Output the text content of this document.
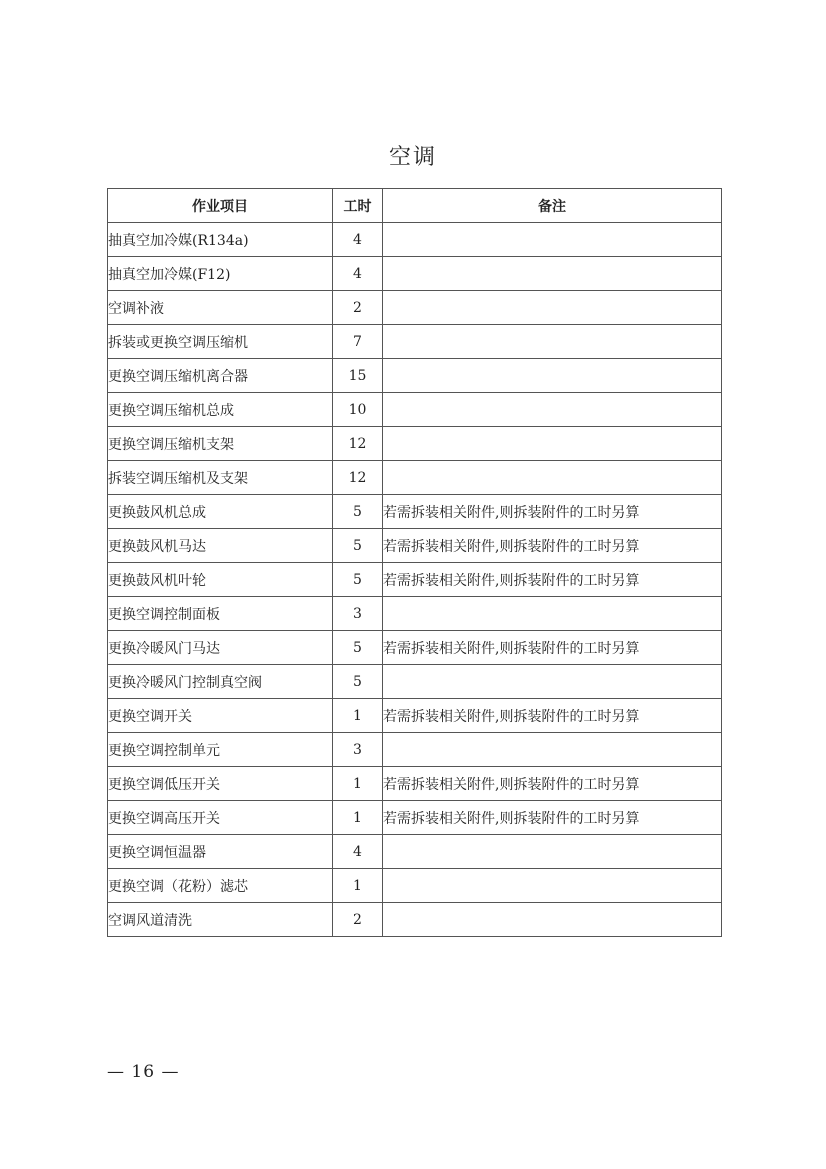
空调
作业项目	工时	备注
抽真空加冷媒(R134a)	4	
抽真空加冷媒(F12)	4	
空调补液	2	
拆装或更换空调压缩机	7	
更换空调压缩机离合器	15	
更换空调压缩机总成	10	
更换空调压缩机支架	12	
拆装空调压缩机及支架	12	
更换鼓风机总成	5	若需拆装相关附件,则拆装附件的工时另算
更换鼓风机马达	5	若需拆装相关附件,则拆装附件的工时另算
更换鼓风机叶轮	5	若需拆装相关附件,则拆装附件的工时另算
更换空调控制面板	3	
更换冷暖风门马达	5	若需拆装相关附件,则拆装附件的工时另算
更换冷暖风门控制真空阀	5	
更换空调开关	1	若需拆装相关附件,则拆装附件的工时另算
更换空调控制单元	3	
更换空调低压开关	1	若需拆装相关附件,则拆装附件的工时另算
更换空调高压开关	1	若需拆装相关附件,则拆装附件的工时另算
更换空调恒温器	4	
更换空调（花粉）滤芯	1	
空调风道清洗	2	
— 16 —
